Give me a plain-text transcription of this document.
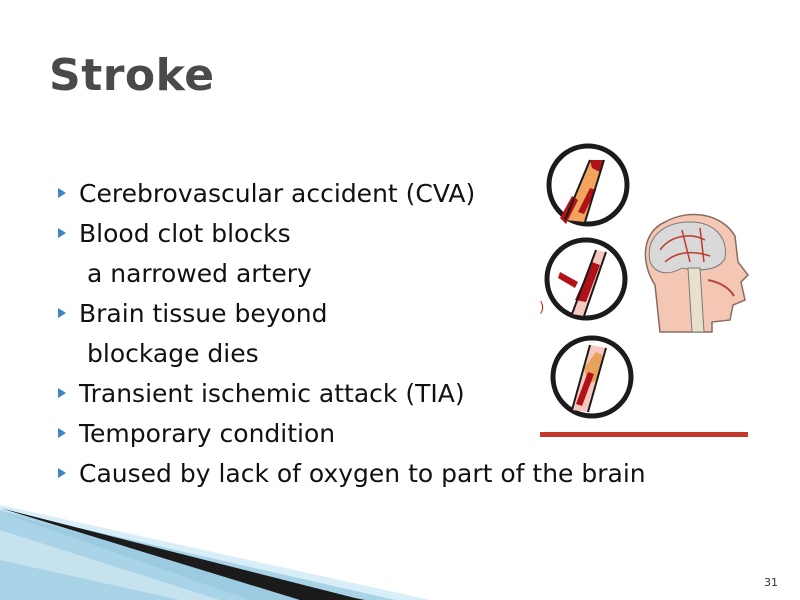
Stroke
Cerebrovascular accident (CVA)
Blood clot blocks
a narrowed artery
Brain tissue beyond
blockage dies
Transient ischemic attack (TIA)
Temporary condition
Caused by lack of oxygen to part of the brain
)
31
